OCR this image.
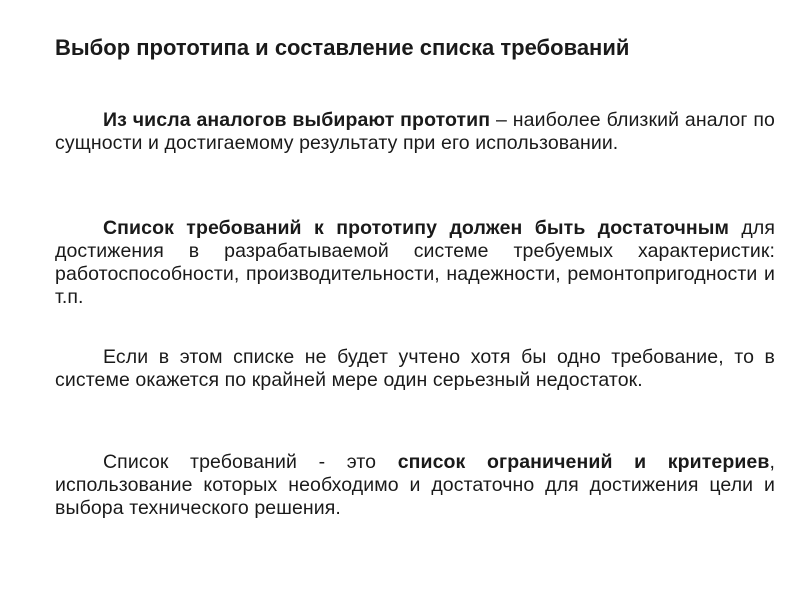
Выбор прототипа и составление списка требований
Из числа аналогов выбирают прототип – наиболее близкий аналог по сущности и достигаемому результату при его использовании.
Список требований к прототипу должен быть достаточным для достижения в разрабатываемой системе требуемых характеристик: работоспособности, производительности, надежности, ремонтопригодности и т.п.
Если в этом списке не будет учтено хотя бы одно требование, то в системе окажется по крайней мере один серьезный недостаток.
Список требований - это список ограничений и критериев, использование которых необходимо и достаточно для достижения цели и выбора технического решения.
